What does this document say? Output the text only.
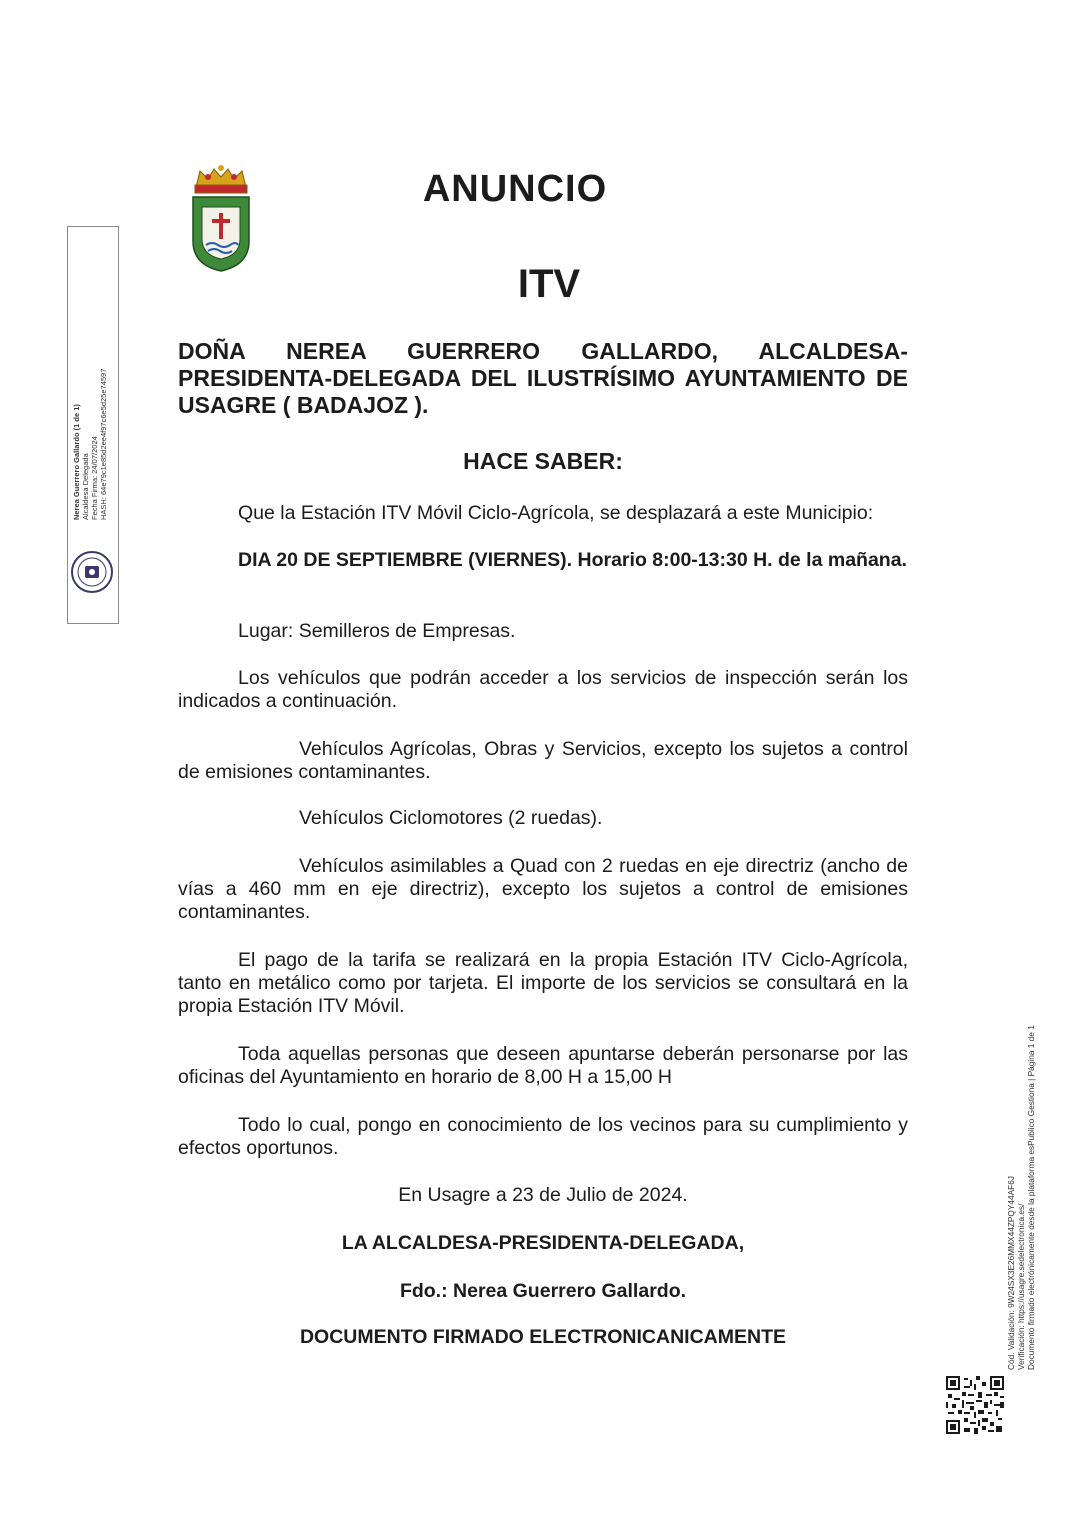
ANUNCIO
ITV
DOÑA NEREA GUERRERO GALLARDO, ALCALDESA-PRESIDENTA-DELEGADA DEL ILUSTRÍSIMO AYUNTAMIENTO DE USAGRE ( BADAJOZ ).
HACE SABER:
Que la Estación ITV Móvil Ciclo-Agrícola, se desplazará a este Municipio:
DIA 20 DE SEPTIEMBRE (VIERNES). Horario 8:00-13:30 H. de la mañana.
Lugar: Semilleros de Empresas.
Los vehículos que podrán acceder a los servicios de inspección serán los indicados a continuación.
Vehículos Agrícolas, Obras y Servicios, excepto los sujetos a control de emisiones contaminantes.
Vehículos Ciclomotores (2 ruedas).
Vehículos asimilables a Quad con 2 ruedas en eje directriz (ancho de vías a 460 mm en eje directriz), excepto los sujetos a control de emisiones contaminantes.
El pago de la tarifa se realizará en la propia Estación ITV Ciclo-Agrícola, tanto en metálico como por tarjeta. El importe de los servicios se consultará en la propia Estación ITV Móvil.
Toda aquellas personas que deseen apuntarse deberán personarse por las oficinas del Ayuntamiento en horario de 8,00 H a 15,00 H
Todo lo cual, pongo en conocimiento de los vecinos para su cumplimiento y efectos oportunos.
En Usagre a 23 de Julio de 2024.
LA ALCALDESA-PRESIDENTA-DELEGADA,
Fdo.: Nerea Guerrero Gallardo.
DOCUMENTO FIRMADO ELECTRONICANICAMENTE
Nerea Guerrero Gallardo (1 de 1) Alcaldesa Delegada Fecha Firma: 24/07/2024 HASH: 64e79c1e85d2ee4f97c6e5d25e74597
Cód. Validación: 9W24SX3E26MMX44ZPQY44AF6J Verificación: https://usagre.sedelectronica.es/ Documento firmado electrónicamente desde la plataforma esPublico Gestiona | Página 1 de 1
